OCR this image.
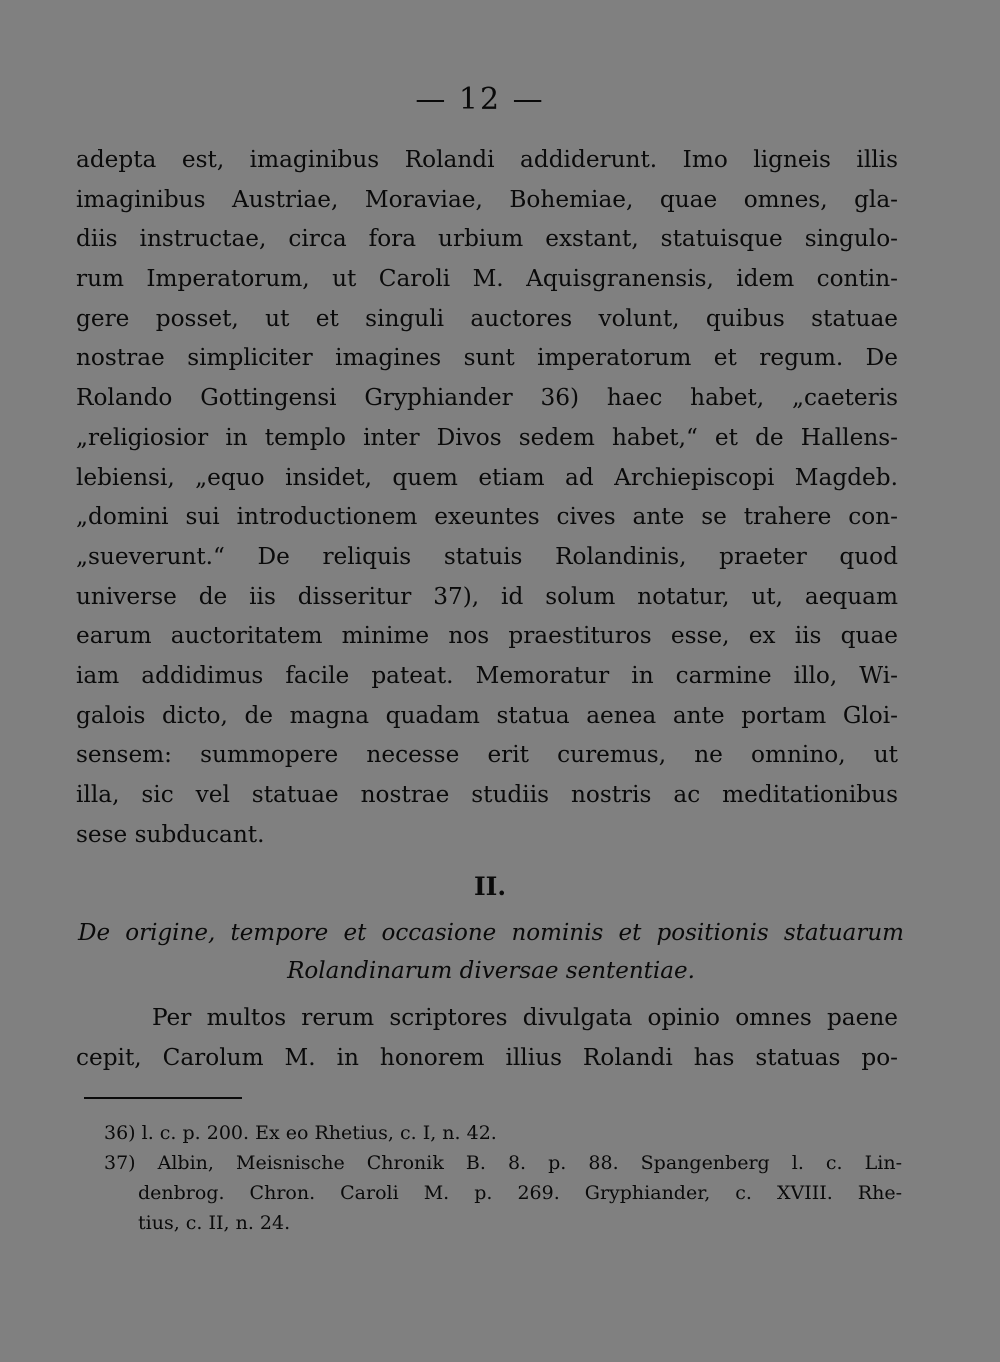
— 12 —
adepta est, imaginibus Rolandi addiderunt. Imo ligneis illis
imaginibus Austriae, Moraviae, Bohemiae, quae omnes, gla-
diis instructae, circa fora urbium exstant, statuisque singulo-
rum Imperatorum, ut Caroli M. Aquisgranensis, idem contin-
gere posset, ut et singuli auctores volunt, quibus statuae
nostrae simpliciter imagines sunt imperatorum et regum. De
Rolando Gottingensi Gryphiander 36) haec habet, „caeteris
„religiosior in templo inter Divos sedem habet,“ et de Hallens-
lebiensi, „equo insidet, quem etiam ad Archiepiscopi Magdeb.
„domini sui introductionem exeuntes cives ante se trahere con-
„sueverunt.“ De reliquis statuis Rolandinis, praeter quod
universe de iis disseritur 37), id solum notatur, ut, aequam
earum auctoritatem minime nos praestituros esse, ex iis quae
iam addidimus facile pateat. Memoratur in carmine illo, Wi-
galois dicto, de magna quadam statua aenea ante portam Gloi-
sensem: summopere necesse erit curemus, ne omnino, ut
illa, sic vel statuae nostrae studiis nostris ac meditationibus
sese subducant.
II.
De origine, tempore et occasione nominis et positionis statuarum
Rolandinarum diversae sententiae.
Per multos rerum scriptores divulgata opinio omnes paene
cepit, Carolum M. in honorem illius Rolandi has statuas po-
36) l. c. p. 200. Ex eo Rhetius, c. I, n. 42.
37) Albin, Meisnische Chronik B. 8. p. 88. Spangenberg l. c. Lin-
denbrog. Chron. Caroli M. p. 269. Gryphiander, c. XVIII. Rhe-
tius, c. II, n. 24.
